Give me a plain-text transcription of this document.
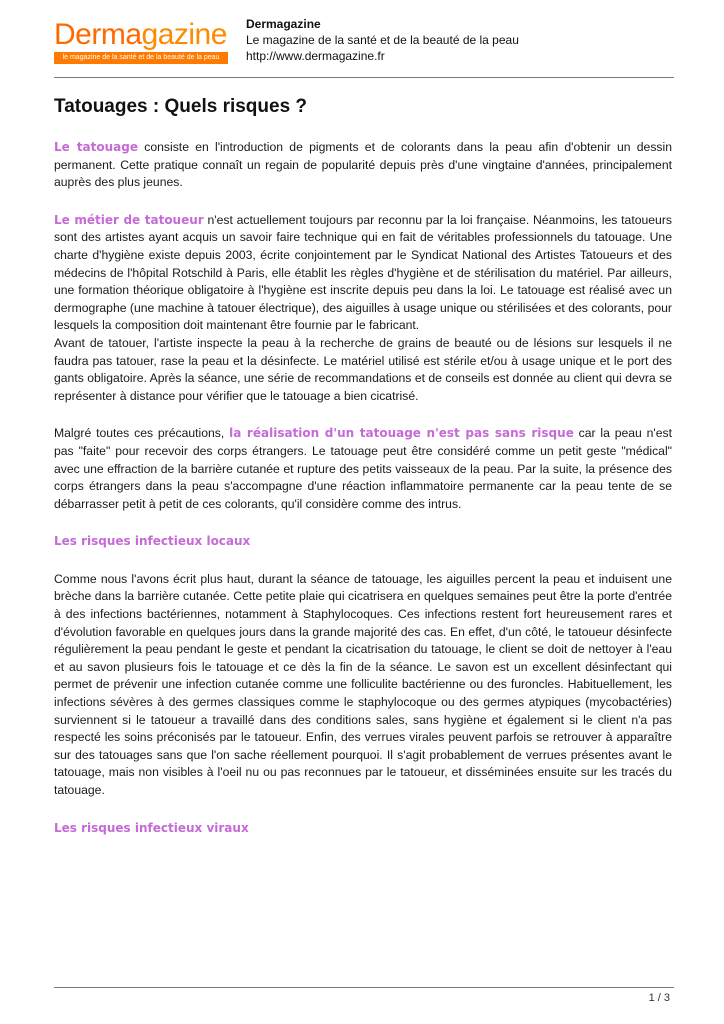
Dermagazine
le magazine de la santé et de la beauté de la peau
Dermagazine
Le magazine de la santé et de la beauté de la peau
http://www.dermagazine.fr
Tatouages : Quels risques ?

Le tatouage consiste en l'introduction de pigments et de colorants dans la peau afin d'obtenir un dessin permanent. Cette pratique connaît un regain de popularité depuis près d'une vingtaine d'années, principalement auprès des plus jeunes.

Le métier de tatoueur n'est actuellement toujours par reconnu par la loi française. Néanmoins, les tatoueurs sont des artistes ayant acquis un savoir faire technique qui en fait de véritables professionnels du tatouage. Une charte d'hygiène existe depuis 2003, écrite conjointement par le Syndicat National des Artistes Tatoueurs et des médecins de l'hôpital Rotschild à Paris, elle établit les règles d'hygiène et de stérilisation du matériel. Par ailleurs, une formation théorique obligatoire à l'hygiène est inscrite depuis peu dans la loi. Le tatouage est réalisé avec un dermographe (une machine à tatouer électrique), des aiguilles à usage unique ou stérilisées et des colorants, pour lesquels la composition doit maintenant être fournie par le fabricant.

Avant de tatouer, l'artiste inspecte la peau à la recherche de grains de beauté ou de lésions sur lesquels il ne faudra pas tatouer, rase la peau et la désinfecte. Le matériel utilisé est stérile et/ou à usage unique et le port des gants obligatoire. Après la séance, une série de recommandations et de conseils est donnée au client qui devra se représenter à distance pour vérifier que le tatouage a bien cicatrisé.

Malgré toutes ces précautions, la réalisation d'un tatouage n'est pas sans risque car la peau n'est pas "faite" pour recevoir des corps étrangers. Le tatouage peut être considéré comme un petit geste "médical" avec une effraction de la barrière cutanée et rupture des petits vaisseaux de la peau. Par la suite, la présence des corps étrangers dans la peau s'accompagne d'une réaction inflammatoire permanente car la peau tente de se débarrasser petit à petit de ces colorants, qu'il considère comme des intrus.

Les risques infectieux locaux

Comme nous l'avons écrit plus haut, durant la séance de tatouage, les aiguilles percent la peau et induisent une brèche dans la barrière cutanée. Cette petite plaie qui cicatrisera en quelques semaines peut être la porte d'entrée à des infections bactériennes, notamment à Staphylocoques. Ces infections restent fort heureusement rares et d'évolution favorable en quelques jours dans la grande majorité des cas. En effet, d'un côté, le tatoueur désinfecte régulièrement la peau pendant le geste et pendant la cicatrisation du tatouage, le client se doit de nettoyer à l'eau et au savon plusieurs fois le tatouage et ce dès la fin de la séance. Le savon est un excellent désinfectant qui permet de prévenir une infection cutanée comme une folliculite bactérienne ou des furoncles. Habituellement, les infections sévères à des germes classiques comme le staphylocoque ou des germes atypiques (mycobactéries) surviennent si le tatoueur a travaillé dans des conditions sales, sans hygiène et également si le client n'a pas respecté les soins préconisés par le tatoueur. Enfin, des verrues virales peuvent parfois se retrouver à apparaître sur des tatouages sans que l'on sache réellement pourquoi. Il s'agit probablement de verrues présentes avant le tatouage, mais non visibles à l'oeil nu ou pas reconnues par le tatoueur, et disséminées ensuite sur les tracés du tatouage.

Les risques infectieux viraux

1 / 3
